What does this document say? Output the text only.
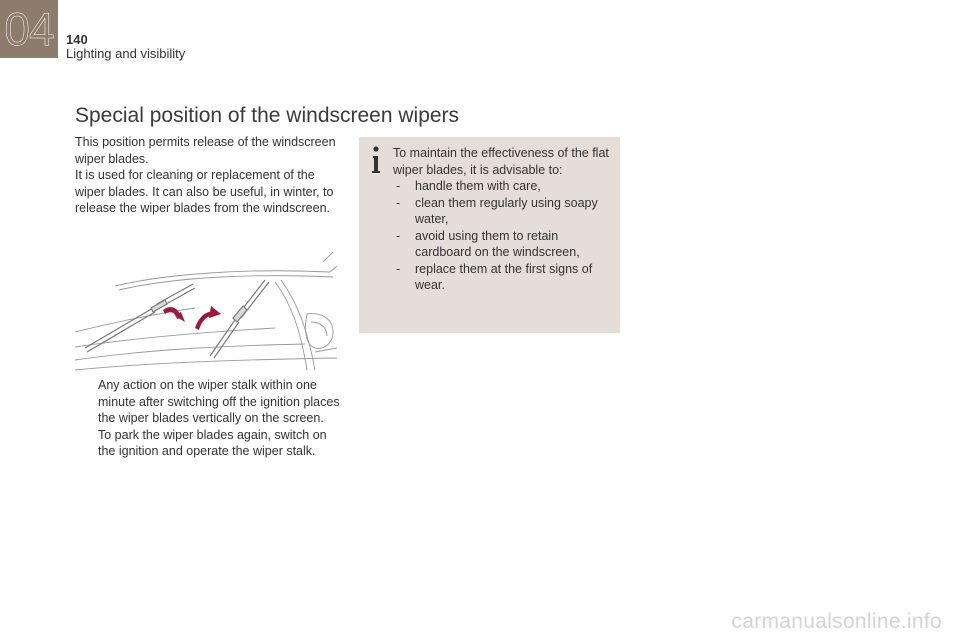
04 140
Lighting and visibility
Special position of the windscreen wipers

This position permits release of the windscreen wiper blades.

It is used for cleaning or replacement of the wiper blades. It can also be useful, in winter, to release the wiper blades from the windscreen.

Any action on the wiper stalk within one minute after switching off the ignition places the wiper blades vertically on the screen.

To park the wiper blades again, switch on the ignition and operate the wiper stalk.

To maintain the effectiveness of the flat wiper blades, it is advisable to:

- handle them with care,
- clean them regularly using soapy water,
- avoid using them to retain cardboard on the windscreen,
- replace them at the first signs of wear.
carmanualsonline.info
